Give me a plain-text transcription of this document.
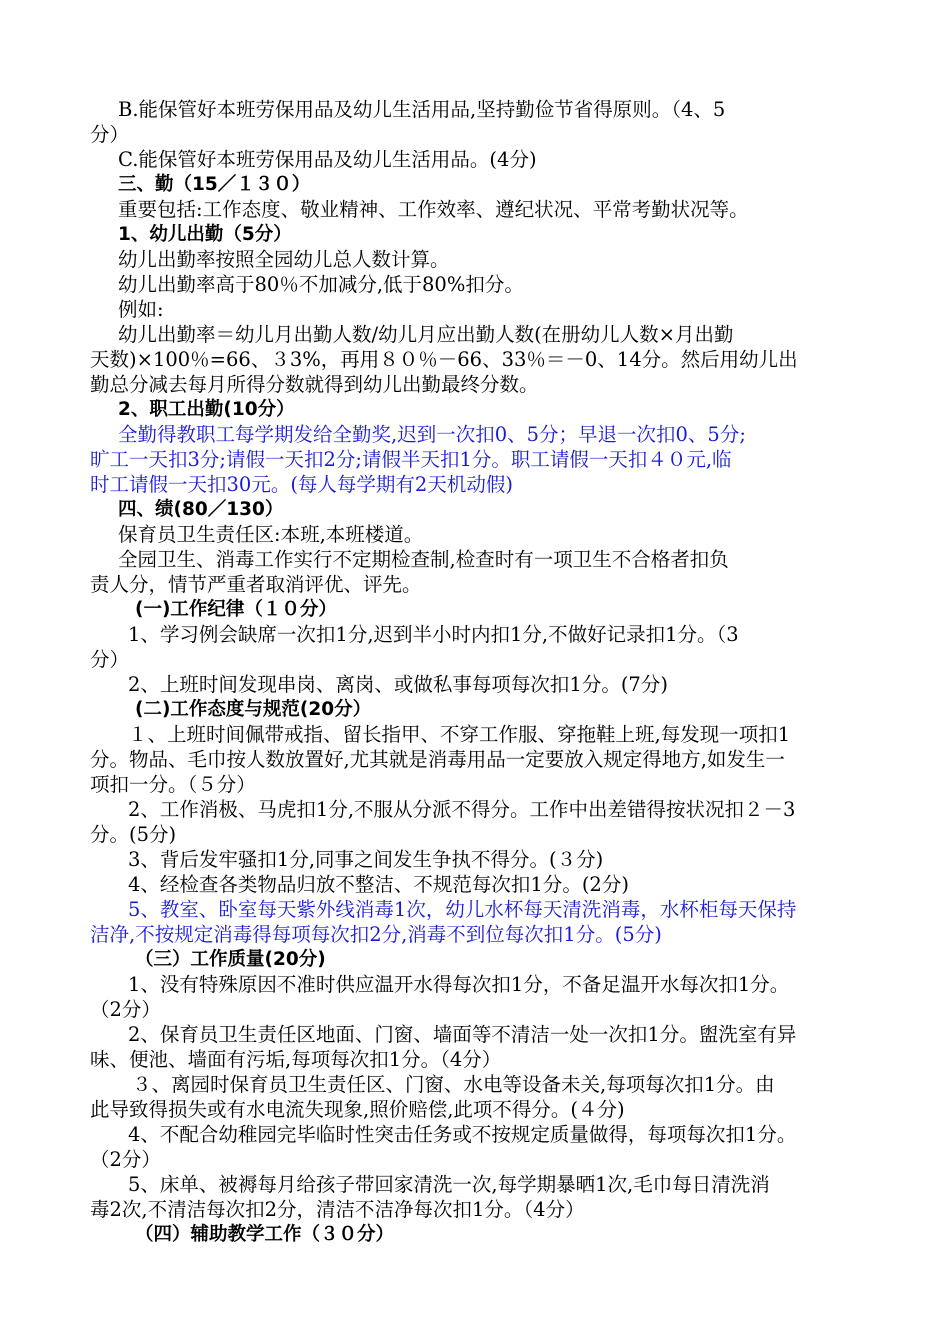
B.能保管好本班劳保用品及幼儿生活用品,坚持勤俭节省得原则。（4、5
分）
C.能保管好本班劳保用品及幼儿生活用品。(4分)
三、勤（15／１３０）
重要包括:工作态度、敬业精神、工作效率、遵纪状况、平常考勤状况等。
1、幼儿出勤（5分）
幼儿出勤率按照全园幼儿总人数计算。
幼儿出勤率高于80％不加减分,低于80%扣分。
例如:
幼儿出勤率＝幼儿月出勤人数/幼儿月应出勤人数(在册幼儿人数×月出勤
天数)×100％=66、３3%，再用８０％－66、33％＝－0、14分。然后用幼儿出
勤总分减去每月所得分数就得到幼儿出勤最终分数。
2、职工出勤(10分）
全勤得教职工每学期发给全勤奖,迟到一次扣0、5分；早退一次扣0、5分;
旷工一天扣3分;请假一天扣2分;请假半天扣1分。职工请假一天扣４０元,临
时工请假一天扣30元。(每人每学期有2天机动假)
四、绩(80／130）
保育员卫生责任区:本班,本班楼道。
全园卫生、消毒工作实行不定期检查制,检查时有一项卫生不合格者扣负
责人分，情节严重者取消评优、评先。
(一)工作纪律（１０分）
1、学习例会缺席一次扣1分,迟到半小时内扣1分,不做好记录扣1分。（3
分）
2、上班时间发现串岗、离岗、或做私事每项每次扣1分。(7分)
(二)工作态度与规范(20分）
１、上班时间佩带戒指、留长指甲、不穿工作服、穿拖鞋上班,每发现一项扣1
分。物品、毛巾按人数放置好,尤其就是消毒用品一定要放入规定得地方,如发生一
项扣一分。（５分）
2、工作消极、马虎扣1分,不服从分派不得分。工作中出差错得按状况扣２－3
分。(5分)
3、背后发牢骚扣1分,同事之间发生争执不得分。(３分)
4、经检查各类物品归放不整洁、不规范每次扣1分。(2分)
5、教室、卧室每天紫外线消毒1次，幼儿水杯每天清洗消毒，水杯柜每天保持
洁净,不按规定消毒得每项每次扣2分,消毒不到位每次扣1分。(5分)
（三）工作质量(20分)
1、没有特殊原因不准时供应温开水得每次扣1分，不备足温开水每次扣1分。
（2分）
2、保育员卫生责任区地面、门窗、墙面等不清洁一处一次扣1分。盥洗室有异
味、便池、墙面有污垢,每项每次扣1分。（4分）
３、离园时保育员卫生责任区、门窗、水电等设备未关,每项每次扣1分。由
此导致得损失或有水电流失现象,照价赔偿,此项不得分。(４分)
4、不配合幼稚园完毕临时性突击任务或不按规定质量做得，每项每次扣1分。
（2分）
5、床单、被褥每月给孩子带回家清洗一次,每学期暴晒1次,毛巾每日清洗消
毒2次,不清洁每次扣2分，清洁不洁净每次扣1分。（4分）
（四）辅助教学工作（３０分）
